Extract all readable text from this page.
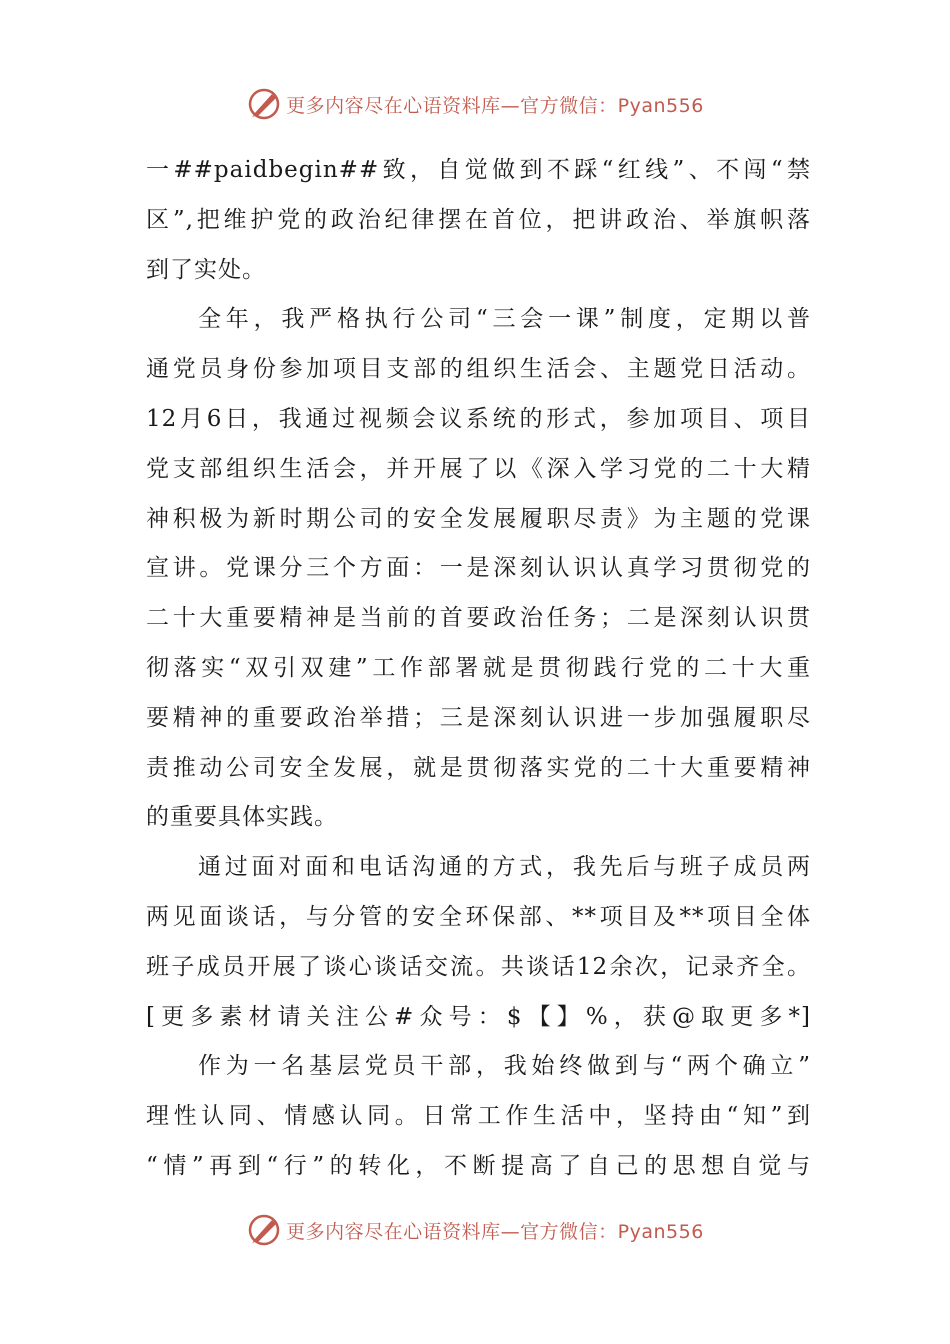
更多内容尽在心语资料库—官方微信：Pyan556
一##paidbegin##致，自觉做到不踩“红线”、不闯“禁
区”,把维护党的政治纪律摆在首位，把讲政治、举旗帜落
到了实处。
全年，我严格执行公司“三会一课”制度，定期以普
通党员身份参加项目支部的组织生活会、主题党日活动。
12月6日，我通过视频会议系统的形式，参加项目、项目
党支部组织生活会，并开展了以《深入学习党的二十大精
神积极为新时期公司的安全发展履职尽责》为主题的党课
宣讲。党课分三个方面：一是深刻认识认真学习贯彻党的
二十大重要精神是当前的首要政治任务；二是深刻认识贯
彻落实“双引双建”工作部署就是贯彻践行党的二十大重
要精神的重要政治举措；三是深刻认识进一步加强履职尽
责推动公司安全发展，就是贯彻落实党的二十大重要精神
的重要具体实践。
通过面对面和电话沟通的方式，我先后与班子成员两
两见面谈话，与分管的安全环保部、**项目及**项目全体
班子成员开展了谈心谈话交流。共谈话12余次，记录齐全。
[更多素材请关注公#众号：$【】%，获@取更多*]
作为一名基层党员干部，我始终做到与“两个确立”
理性认同、情感认同。日常工作生活中，坚持由“知”到
“情”再到“行”的转化，不断提高了自己的思想自觉与
更多内容尽在心语资料库—官方微信：Pyan556
